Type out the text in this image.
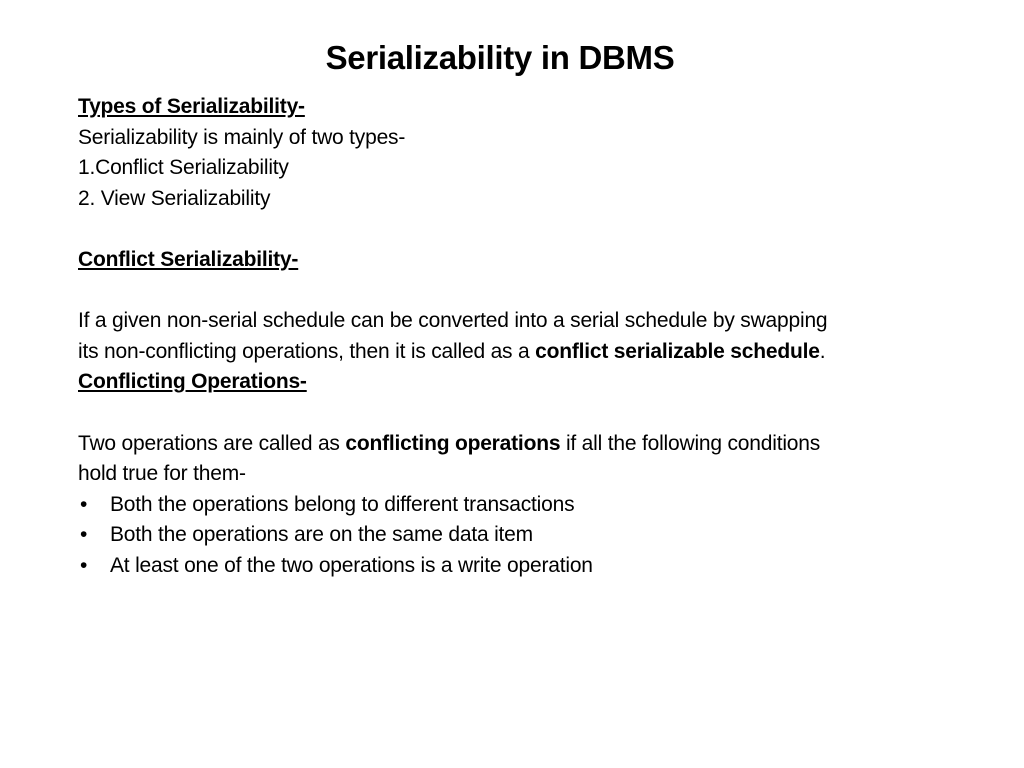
Serializability in DBMS
Types of Serializability-
Serializability is mainly of two types-
1.Conflict Serializability
2. View Serializability
Conflict Serializability-
If a given non-serial schedule can be converted into a serial schedule by swapping
its non-conflicting operations, then it is called as a conflict serializable schedule.
Conflicting Operations-
Two operations are called as conflicting operations if all the following conditions
hold true for them-
• Both the operations belong to different transactions
• Both the operations are on the same data item
• At least one of the two operations is a write operation
